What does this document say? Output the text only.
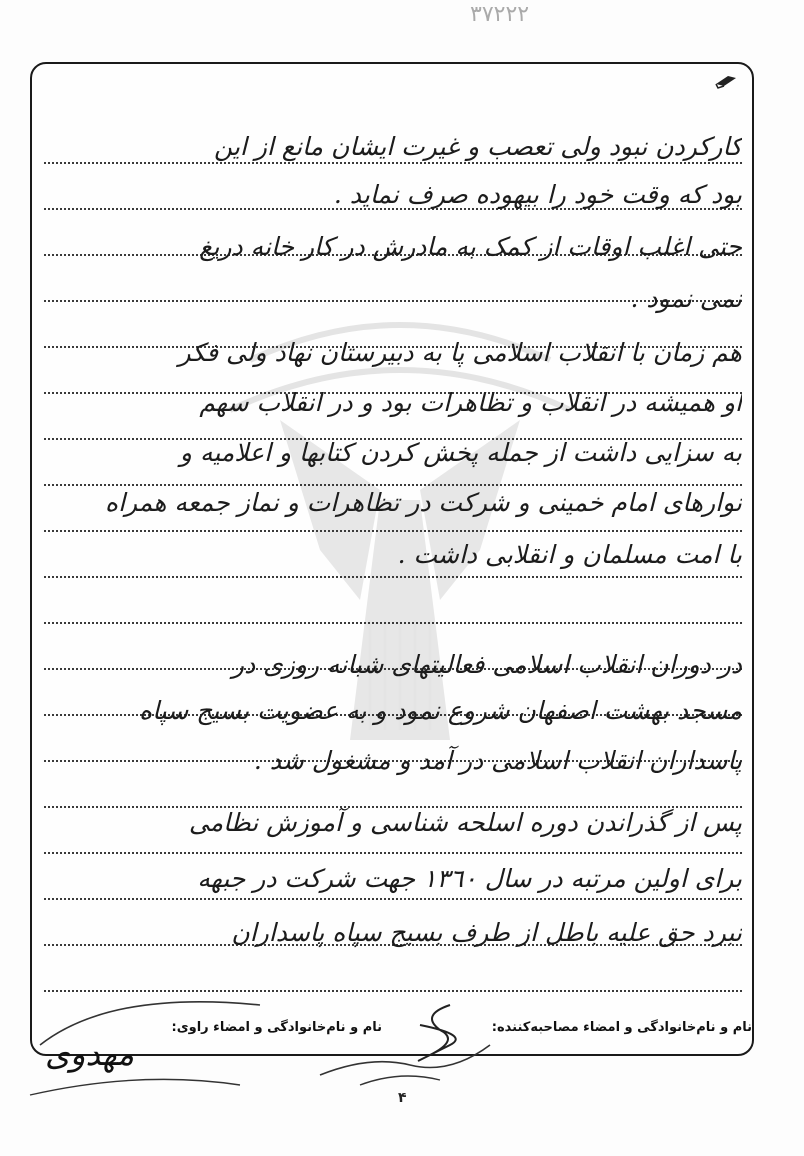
٣٧٢٢٢
کارکردن نبود ولی تعصب و غیرت ایشان مانع از این
بود که وقت خود را بیهوده صرف نماید .
حتی اغلب اوقات از کمک به مادرش در کار خانه دریغ
نمی نمود .
هم زمان با انقلاب اسلامی پا به دبیرستان نهاد ولی فکر
او همیشه در انقلاب و تظاهرات بود و در انقلاب سهم
به سزایی داشت از جمله پخش کردن کتابها و اعلامیه و
نوارهای امام خمینی و شرکت در تظاهرات و نماز جمعه همراه
با امت مسلمان و انقلابی داشت .
در دوران انقلاب اسلامی فعالیتهای شبانه روزی در
مسجد بهشت اصفهان شروع نمود و به عضویت بسیج سپاه
پاسداران انقلاب اسلامی در آمد و مشغول شد .
پس از گذراندن دوره اسلحه شناسی و آموزش نظامی
برای اولین مرتبه در سال ١٣٦٠ جهت شرکت در جبهه
نبرد حق علیه باطل از طرف بسیج سپاه پاسداران
نام و نام‌خانوادگی و امضاء مصاحبه‌کننده:
نام و نام‌خانوادگی و امضاء راوی:
مهدوی
۴
